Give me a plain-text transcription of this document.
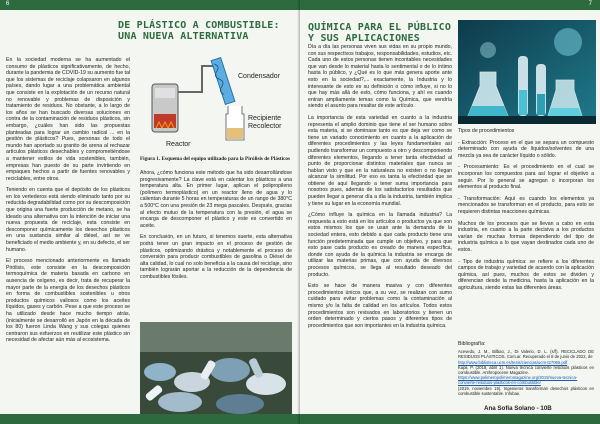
6
DE PLÁSTICO A COMBUSTIBLE:
UNA NUEVA ALTERNATIVA

En la sociedad moderna se ha aumentado el consumo de plásticos significativamente, de hecho, durante la pandemia de COVID-19 su aumento fue tal que los sistemas de reciclaje colapsaron en algunos países, dando lugar a una problemática ambiental que consiste en la explotación de un recurso natural no renovable y problemas de disposición y tratamiento de residuos. No obstante, a lo largo de los años se han buscado diversas soluciones en contra de la contaminación de residuos plásticos, sin embargo, ¿cuáles han sido las propuestas planteadas para lograr un cambio radical ... en la gestión de plásticos? Pues, personas de todo el mundo han aportado su granito de arena al rechazar artículos plásticos desechables y comprometiéndose a mantener estilos de vida sostenibles, también, empresas han puesto de su parte invirtiendo en empaques hechos a partir de fuentes renovables y reciclables, entre otros.

Teniendo en cuenta que el depósito de los plásticos en los vertederos está siendo eliminado tanto por su reducida degradabilidad como por su descomposición que origina una fuerte producción de metano, se ha ideado una alternativa con la intención de iniciar una nueva propuesta de reciclaje, esta consiste en descomponer químicamente los desechos plásticos en una sustancia similar al diésel, así se ve beneficiado el medio ambiente y, en su defecto, el ser humano.

El proceso mencionado anteriormente es llamado Pirólisis, este consiste en la descomposición termoquímica de materia basada en carbono en ausencia de oxígeno, es decir, trata de recuperar la mayor parte de la energía de los desechos plásticos en forma de combustibles sostenibles u otros productos químicos valiosos como los aceites líquidos, gases y carbón. Pese a que este proceso se ha utilizado desde hace mucho tiempo atrás, (inicialmente se desarrolló en Japón en la década de los 80) fueron Linda Wang y sus colegas quienes centraron sus esfuerzos en reutilizar este plástico sin necesidad de afectar aún más al ecosistema.

Condensador
Recipiente
Recolector
Reactor
Figura 1. Esquema del equipo utilizado para la Pirólisis de Plásticos

Ahora, ¿cómo funciona este método que ha sido desarrollándose progresivamente? La clave está en calentar los plásticos a una temperatura alta. En primer lugar, aplican el polipropileno (polímero termoplástico) en un reactor lleno de agua y lo calientan durante 5 horas en temperaturas de un rango de 380°C a 500°C con una presión de 23 mega pascales. Después, gracias al efecto mutuo de la temperatura con la presión, el agua se encarga de descomponer el plástico y este es convertido en aceite.

En conclusión, en un futuro, si tenemos suerte, esta alternativa podrá tener un gran impacto en el proceso de gestión de plásticos, optimizando drástica y notablemente el proceso de conversión para producir combustibles de gasolina o Diésel de alta calidad, lo cual no solo beneficia a la causa del reciclaje, sino también lograrán aportar a la reducción de la dependencia de combustibles fósiles.

7
QUÍMICA PARA EL PÚBLICO
Y SUS APLICACIONES

Día a día las personas viven sus vidas en su propio mundo, con sus respectivos trabajos, responsabilidades, estudios, etc. Cada uno de estos personas tienen incontables necesidades que van desde lo material hasta lo sentimental o de lo íntimo hasta lo público, y ¿Qué es lo que más genera aporte ante esto en la sociedad?,... exactamente, la Industria y lo interesante de esto es su definición o cómo influye, si no lo que hay más allá de esto, cómo funciona, y ahí es cuando entran ampliamente temas como la Química, que vendría siendo el asunto para resaltar de este artículo.

La importancia de esta variedad en cuanto a la industria representa el amplio dominio que tiene el ser humano sobre esta materia, si se dominase tanto es que deja ver como se tiene un variado conocimiento en cuanto a la aplicación de diferentes procedimientos y las leyes fundamentales así pudiendo transformar un compuesto a otro y descomponiendo diferentes elementos, llegando a tener tanta efectividad al punto de proporcionar distintos materiales que nunca se habían visto y que en la naturaleza no existen o no llegan alcanzar la similitud. Por eso es tanta la efectividad que se obtiene de aquí llegando a tener suma importancia para nosotros pues, además de los satisfactorios resultados que pueden llegar a generar día a día la industria, también implica y tiene su lugar en la economía mundial.

¿Cómo influye la química en la llamada industria? La respuesta a esto está en los artículos o productos ya que son estos mismos los que se usan ante la demanda de la sociedad entera, esto debido a que cada producto tiene una función predeterminada que cumple un objetivo, y para que esto pase cada producto es creado de manera específica, donde con ayuda de la química la industria se encarga de utilizar las materias primas, que con ayuda de diversos procesos químicos, se llega al resultado deseado del producto.

Esto se hace de manera masiva y con diferentes procedimientos únicos que, a su vez, se realizan con sumo cuidado para evitar problemas como la contaminación al mismo y/o la falta de calidad en los artículos. Todos estos procedimientos son revisados en laboratorios y tienen un orden determinado y ciertos pasos y diferentes tipos de procedimientos que son importantes en la industria química.

Tipos de procedimientos

- Extracción: Proceso en el que se separa un compuesto determinado con ayuda de líquidos/solventes de una mezcla ya sea de carácter líquido o sólido.

- Procesamiento: Es el procedimiento en el cual se incorporan los compuestos para así lograr el objetivo a seguir. Por lo general se agregan o incorporan los elementos al producto final.

- Transformación: Aquí es cuando los elementos ya mencionados se transforman en el producto, para esto se requieren distintas reacciones químicas.

Muchos de los procesos que se llevan a cabo en esta industria, en cuanto a la parte decisiva a los productos varían de muchas formas dependiendo del tipo de industria química a lo que vayan destinados cada uno de estos.

- Tipo de industria química: se refiere a los diferentes campos de trabajo y variedad de acuerdo con la aplicación química, así pues, muchos de estos se dividen y diferencian desde la medicina, hasta la aplicación en la agricultura, siendo estas las diferentes áreas.

Bibliografía:
Acevedo, J. M., Bilbao, J., Di Valerio, D. L. (s/f). RECICLADO DE RESIDUOS PLÁSTICOS. Com.ar. Recuperado el 8 de junio de 2022, de
http://www.biblioteca.ucm.es/tesis/ciencias/ucm-t27065.pdf
Kapil, P. (2018, abril 1). Nueva técnica convierte residuos plásticos en combustible. Anthropocene Magazine.
https://www.polimeropolimeromagazine.org/2019/nueva-tecnica-convierte-residuos-plasticos-en-combustible/
(2019, noviembre 19). Ingenieros transforman desechos plásticos en combustible sustentable. Infobae.
Ana Sofía Solano - 10B
